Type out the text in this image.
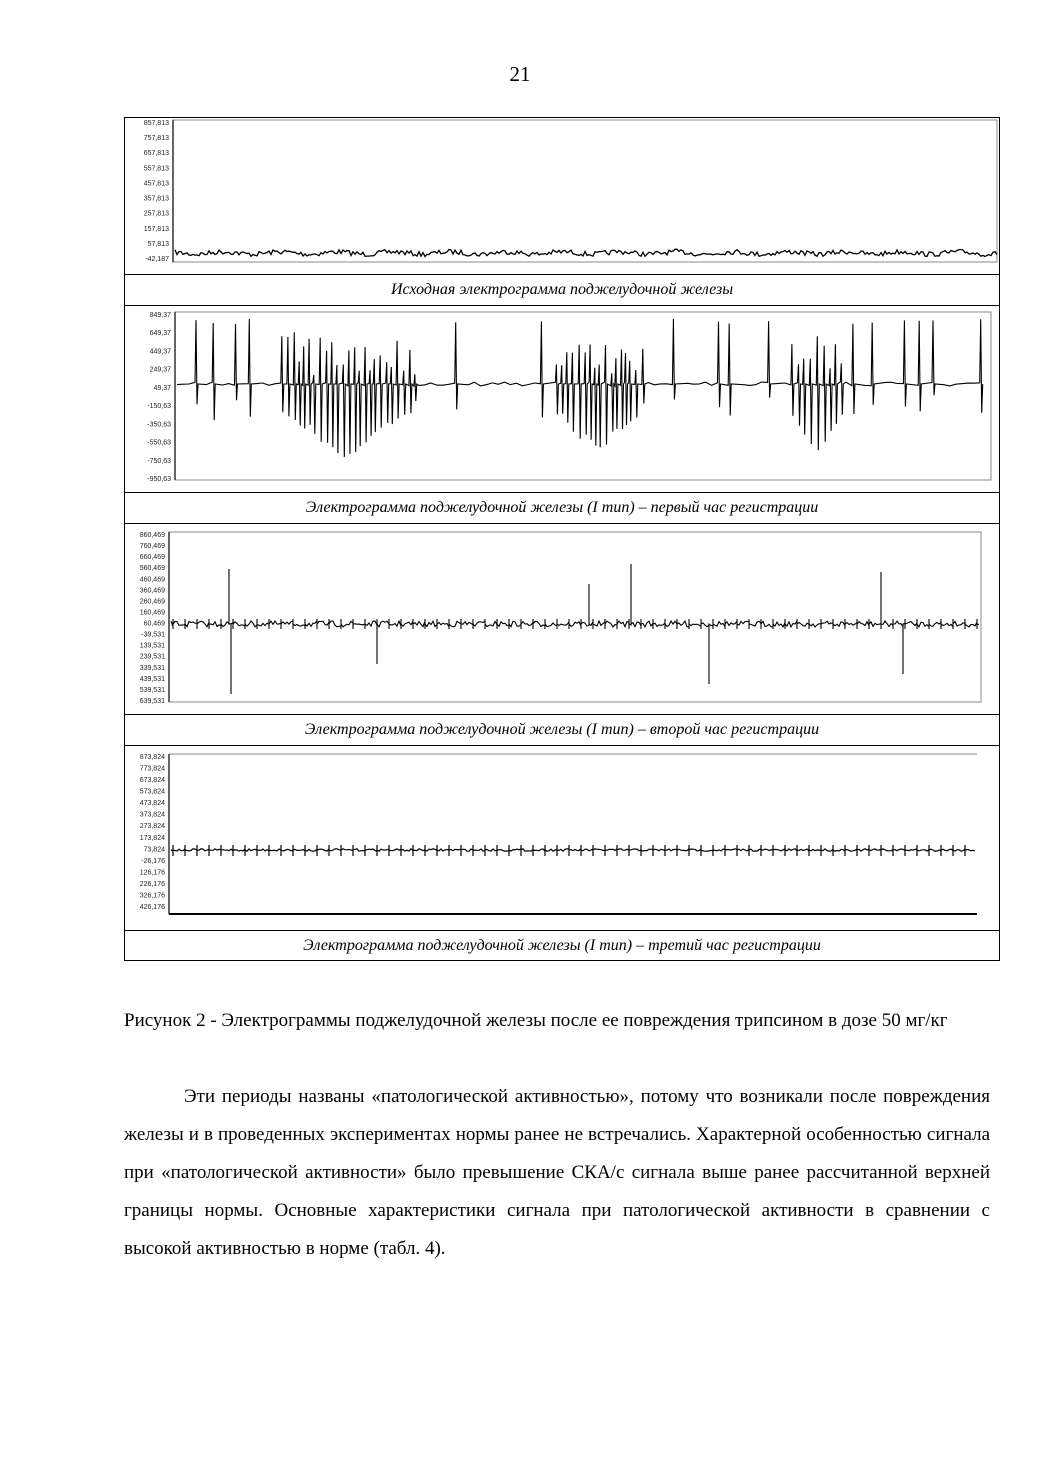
21
857,813
757,813
657,813
557,813
457,813
357,813
257,813
157,813
57,813
-42,187
Исходная электрограмма поджелудочной железы
849,37
649,37
449,37
249,37
49,37
-150,63
-350,63
-550,63
-750,63
-950,63
Электрограмма поджелудочной железы (I тип) – первый час регистрации
860,469
760,469
660,469
560,469
460,469
360,469
260,469
160,469
60,469
-39,531
139,531
239,531
339,531
439,531
539,531
639,531
Электрограмма поджелудочной железы (I тип) – второй час регистрации
873,824
773,824
673,824
573,824
473,824
373,824
273,824
173,824
73,824
-26,176
126,176
226,176
326,176
426,176
Электрограмма поджелудочной железы (I тип) – третий час регистрации
Рисунок 2 - Электрограммы поджелудочной железы после ее повреждения трипсином в дозе 50 мг/кг
Эти периоды названы «патологической активностью», потому что возникали после повреждения железы и в проведенных экспериментах нормы ранее не встречались. Характерной особенностью сигнала при «патологической активности» было превышение СКА/с сигнала выше ранее рассчитанной верхней границы нормы. Основные характеристики сигнала при патологической активности в сравнении с высокой активностью в норме (табл. 4).
